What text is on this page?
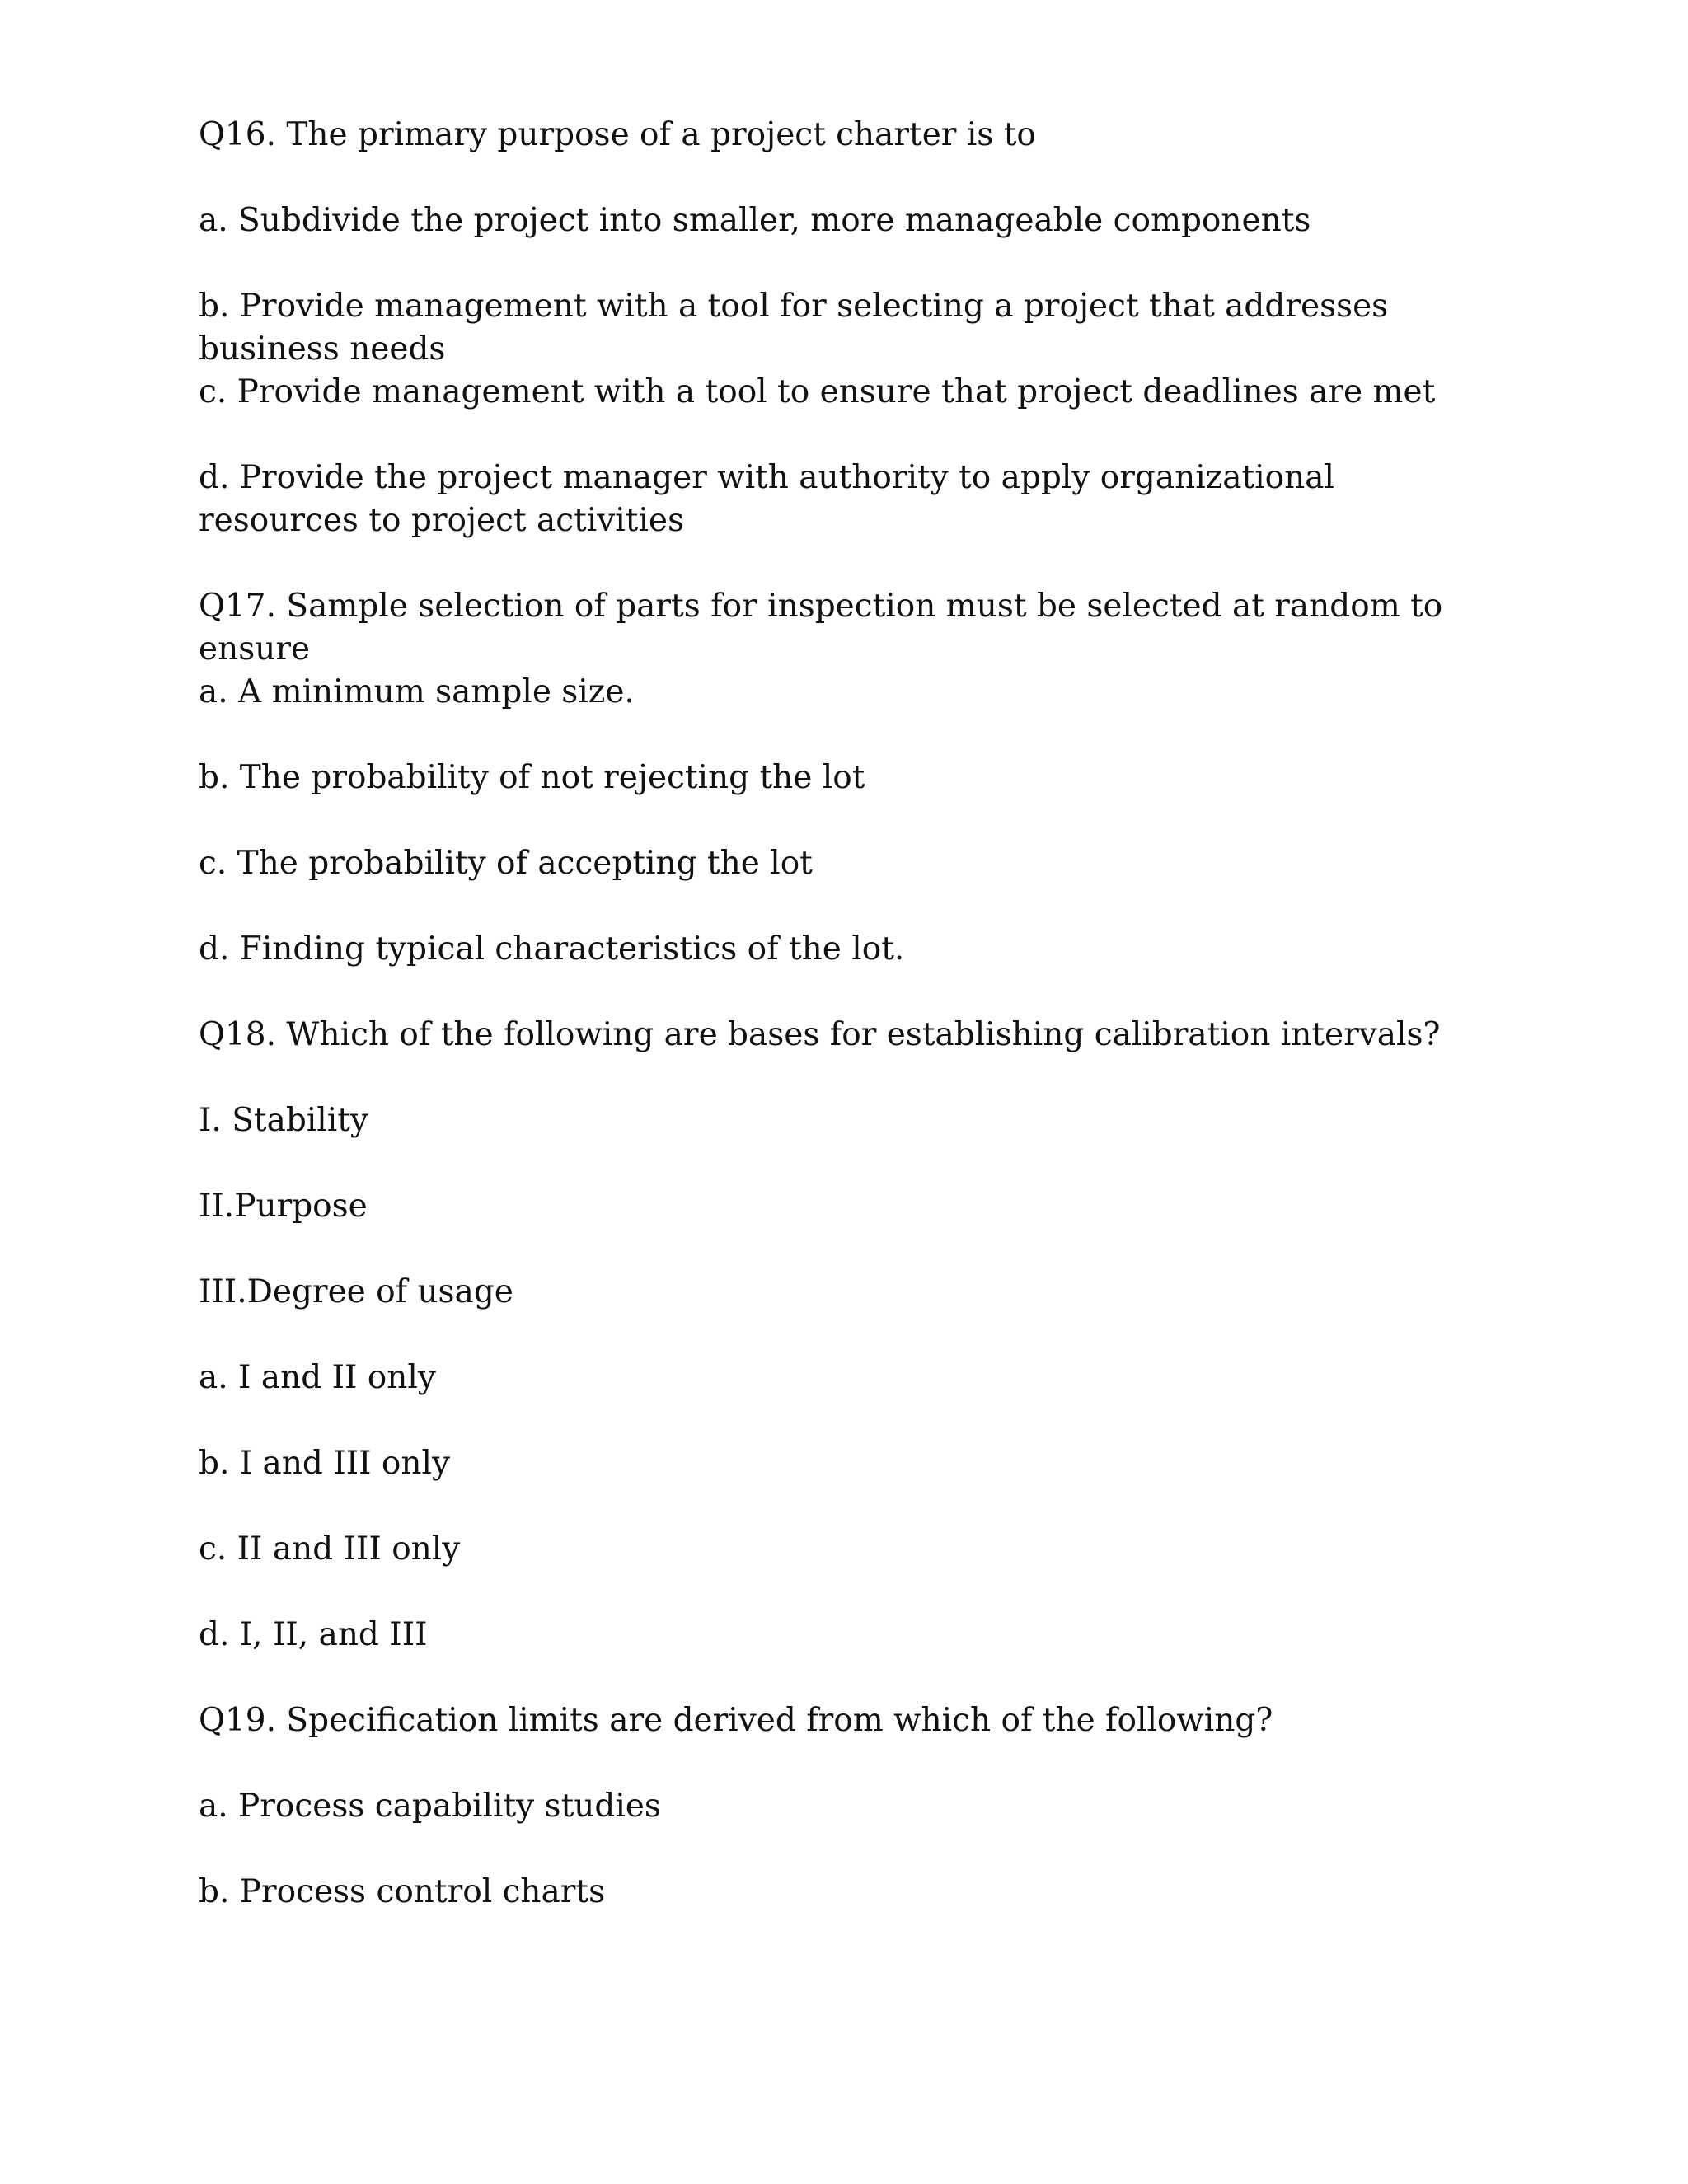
Q16. The primary purpose of a project charter is to

a. Subdivide the project into smaller, more manageable components

b. Provide management with a tool for selecting a project that addresses business needs

c. Provide management with a tool to ensure that project deadlines are met

d. Provide the project manager with authority to apply organizational resources to project activities

Q17. Sample selection of parts for inspection must be selected at random to ensure

a. A minimum sample size.

b. The probability of not rejecting the lot

c. The probability of accepting the lot

d. Finding typical characteristics of the lot.

Q18. Which of the following are bases for establishing calibration intervals?

I. Stability

II.Purpose

III.Degree of usage

a. I and II only

b. I and III only

c. II and III only

d. I, II, and III

Q19. Specification limits are derived from which of the following?

a. Process capability studies

b. Process control charts
